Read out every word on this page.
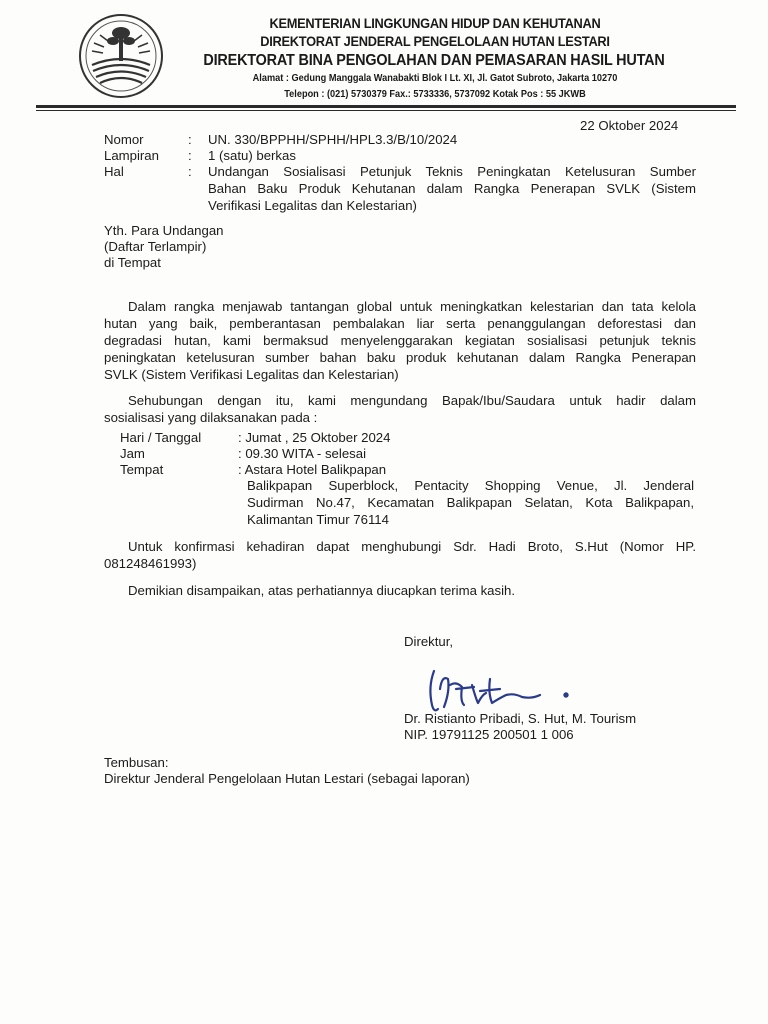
KEMENTERIAN LINGKUNGAN HIDUP DAN KEHUTANAN
DIREKTORAT JENDERAL PENGELOLAAN HUTAN LESTARI
DIREKTORAT BINA PENGOLAHAN DAN PEMASARAN HASIL HUTAN
Alamat : Gedung Manggala Wanabakti Blok I Lt. XI, Jl. Gatot Subroto, Jakarta 10270
Telepon : (021) 5730379 Fax.: 5733336, 5737092 Kotak Pos : 55 JKWB
22 Oktober 2024
Nomor	: UN. 330/BPPHH/SPHH/HPL3.3/B/10/2024
Lampiran : 1 (satu) berkas
Hal	: Undangan Sosialisasi Petunjuk Teknis Peningkatan Ketelusuran Sumber
Bahan Baku Produk Kehutanan dalam Rangka Penerapan SVLK (Sistem
Verifikasi Legalitas dan Kelestarian)
Yth. Para Undangan
(Daftar Terlampir)
di Tempat
Dalam rangka menjawab tantangan global untuk meningkatkan kelestarian dan tata kelola
hutan yang baik, pemberantasan pembalakan liar serta penanggulangan deforestasi dan
degradasi hutan, kami bermaksud menyelenggarakan kegiatan sosialisasi petunjuk teknis
peningkatan ketelusuran sumber bahan baku produk kehutanan dalam Rangka Penerapan
SVLK (Sistem Verifikasi Legalitas dan Kelestarian)
Sehubungan dengan itu, kami mengundang Bapak/Ibu/Saudara untuk hadir dalam
sosialisasi yang dilaksanakan pada :
Hari / Tanggal	: Jumat , 25 Oktober 2024
Jam	: 09.30 WITA - selesai
Tempat	: Astara Hotel Balikpapan
Balikpapan Superblock, Pentacity Shopping Venue, Jl. Jenderal
Sudirman No.47, Kecamatan Balikpapan Selatan, Kota Balikpapan,
Kalimantan Timur 76114
Untuk konfirmasi kehadiran dapat menghubungi Sdr. Hadi Broto, S.Hut (Nomor HP.
081248461993)
Demikian disampaikan, atas perhatiannya diucapkan terima kasih.
Direktur,
Dr. Ristianto Pribadi, S. Hut, M. Tourism
NIP. 19791125 200501 1 006
Tembusan:
Direktur Jenderal Pengelolaan Hutan Lestari (sebagai laporan)
